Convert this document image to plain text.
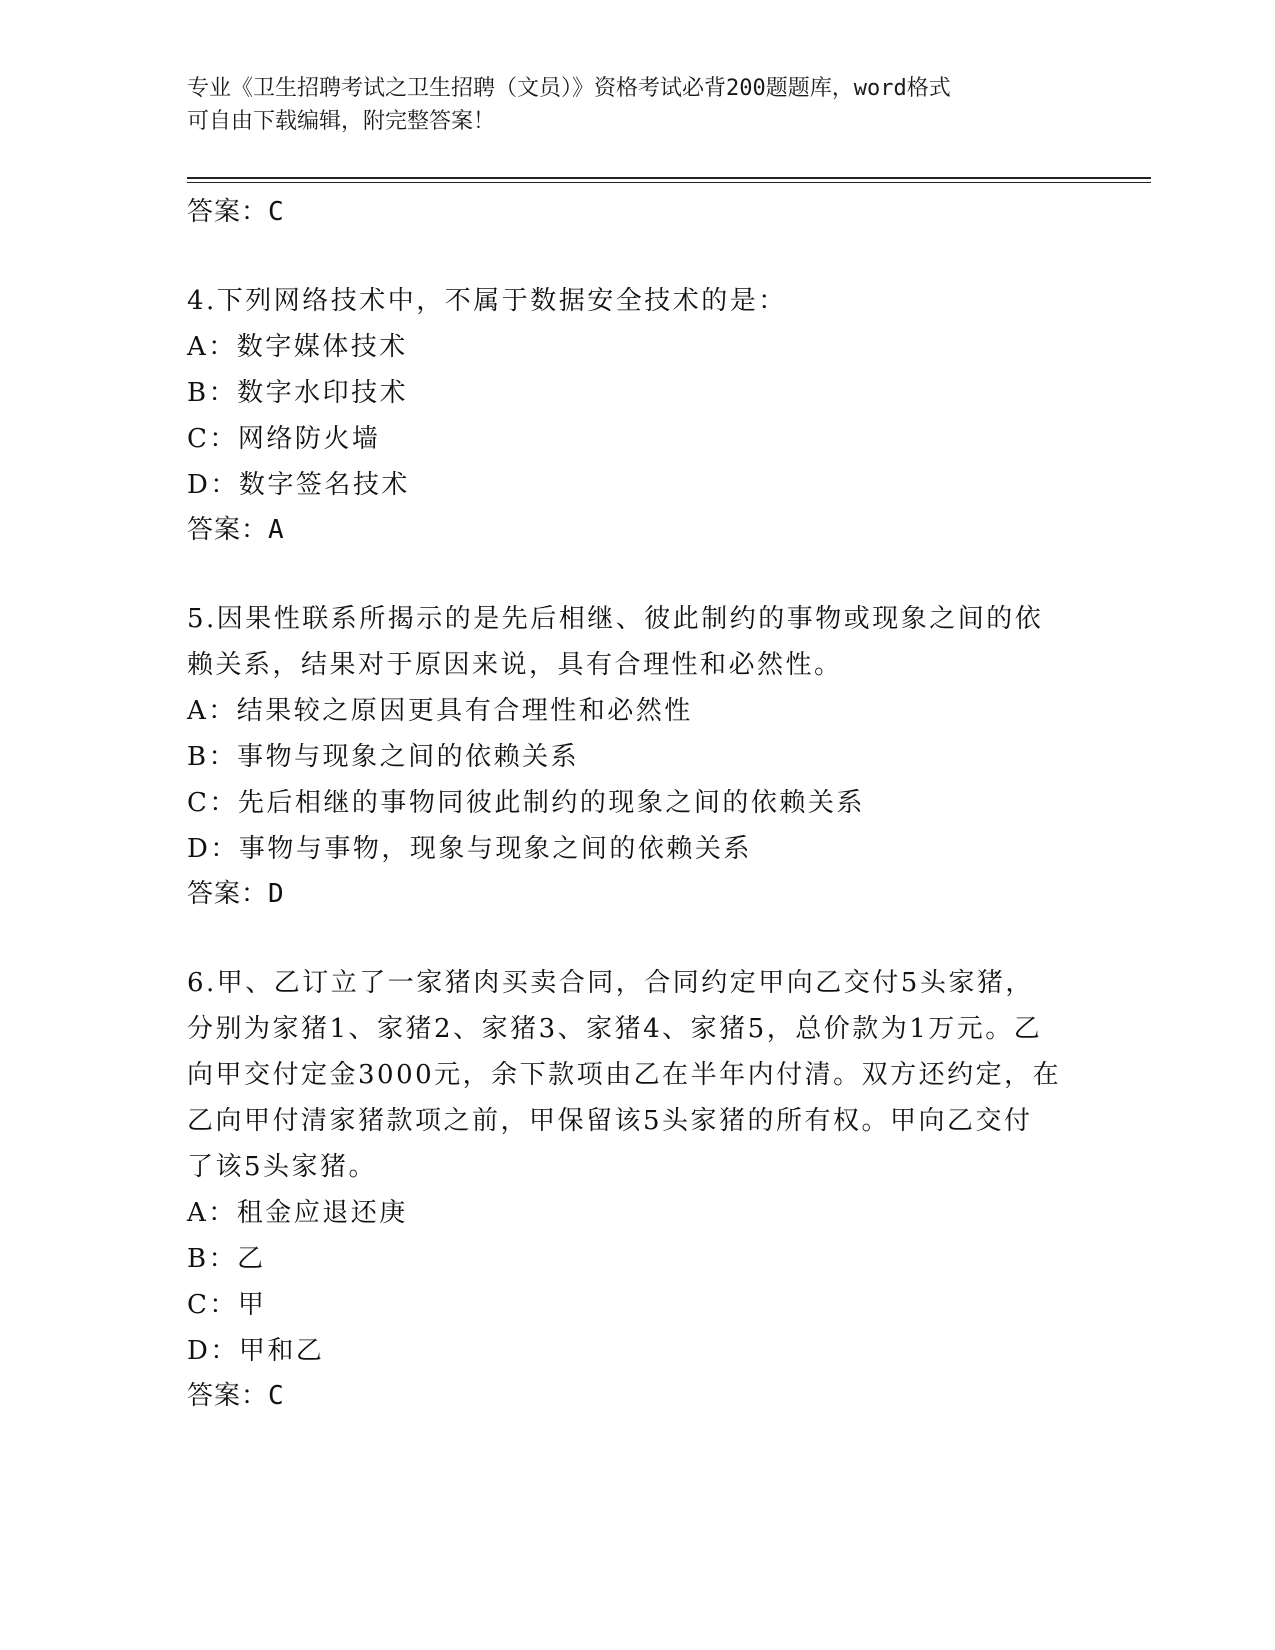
专业《卫生招聘考试之卫生招聘（文员）》资格考试必背200题题库，word格式
可自由下载编辑，附完整答案！

答案：C

4.下列网络技术中，不属于数据安全技术的是：

A：数字媒体技术

B：数字水印技术

C：网络防火墙

D：数字签名技术

答案：A

5.因果性联系所揭示的是先后相继、彼此制约的事物或现象之间的依

赖关系，结果对于原因来说，具有合理性和必然性。

A：结果较之原因更具有合理性和必然性

B：事物与现象之间的依赖关系

C：先后相继的事物同彼此制约的现象之间的依赖关系

D：事物与事物，现象与现象之间的依赖关系

答案：D

6.甲、乙订立了一家猪肉买卖合同，合同约定甲向乙交付5头家猪，

分别为家猪1、家猪2、家猪3、家猪4、家猪5，总价款为1万元。乙

向甲交付定金3000元，余下款项由乙在半年内付清。双方还约定，在

乙向甲付清家猪款项之前，甲保留该5头家猪的所有权。甲向乙交付

了该5头家猪。

A：租金应退还庚

B：乙

C：甲

D：甲和乙

答案：C
